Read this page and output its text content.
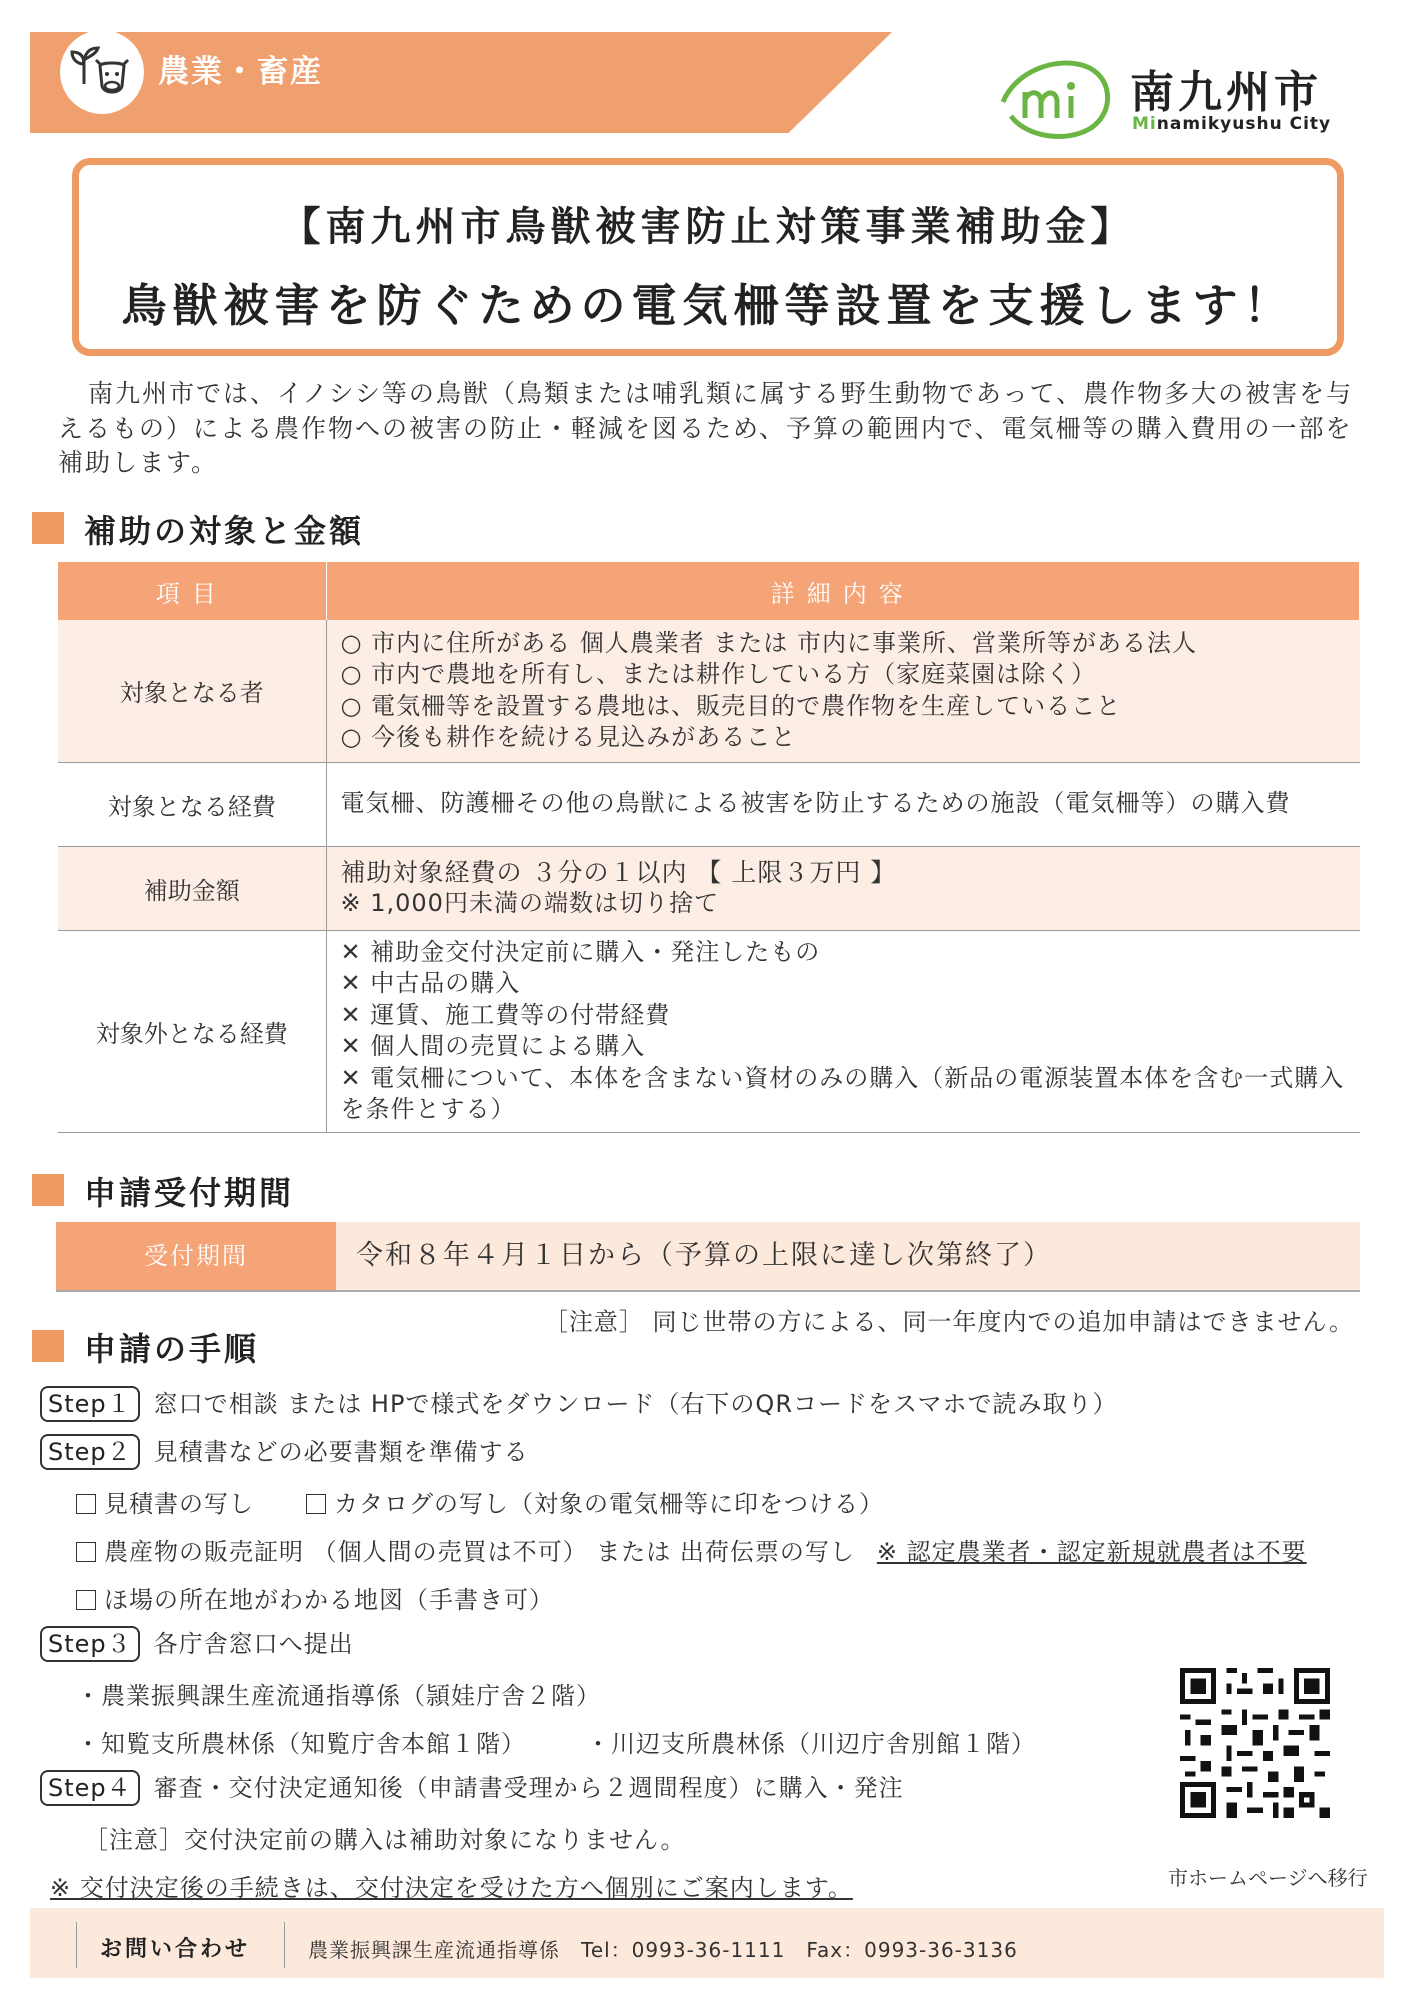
農業・畜産	南九州市
Minamikyushu City
【南九州市鳥獣被害防止対策事業補助金】
鳥獣被害を防ぐための電気柵等設置を支援します！
南九州市では、イノシシ等の鳥獣（鳥類または哺乳類に属する野生動物であって、農作物多大の被害を与えるもの）による農作物への被害の防止・軽減を図るため、予算の範囲内で、電気柵等の購入費用の一部を補助します。
補助の対象と金額
項目	詳細内容
対象となる者	○ 市内に住所がある 個人農業者 または 市内に事業所、営業所等がある法人
○ 市内で農地を所有し、または耕作している方（家庭菜園は除く）
○ 電気柵等を設置する農地は、販売目的で農作物を生産していること
○ 今後も耕作を続ける見込みがあること

対象となる経費	電気柵、防護柵その他の鳥獣による被害を防止するための施設（電気柵等）の購入費

補助金額	補助対象経費の ３分の１以内 【 上限３万円 】
※ 1,000円未満の端数は切り捨て

対象外となる経費	✕ 補助金交付決定前に購入・発注したもの
✕ 中古品の購入
✕ 運賃、施工費等の付帯経費
✕ 個人間の売買による購入
✕ 電気柵について、本体を含まない資材のみの購入（新品の電源装置本体を含む一式購入を条件とする）
申請受付期間
受付期間	令和８年４月１日から（予算の上限に達し次第終了）
［注意］ 同じ世帯の方による、同一年度内での追加申請はできません。
申請の手順
Step１ 窓口で相談 または HPで様式をダウンロード（右下のQRコードをスマホで読み取り）
Step２ 見積書などの必要書類を準備する
見積書の写し	カタログの写し（対象の電気柵等に印をつける）
農産物の販売証明 （個人間の売買は不可） または 出荷伝票の写し ※ 認定農業者・認定新規就農者は不要
ほ場の所在地がわかる地図（手書き可）
Step３ 各庁舎窓口へ提出
・農業振興課生産流通指導係（頴娃庁舎２階）
・知覧支所農林係（知覧庁舎本館１階）	・川辺支所農林係（川辺庁舎別館１階）
Step４ 審査・交付決定通知後（申請書受理から２週間程度）に購入・発注
［注意］交付決定前の購入は補助対象になりません。
※ 交付決定後の手続きは、交付決定を受けた方へ個別にご案内します。	市ホームページへ移行
お問い合わせ	農業振興課生産流通指導係　Tel：0993-36-1111　Fax：0993-36-3136
